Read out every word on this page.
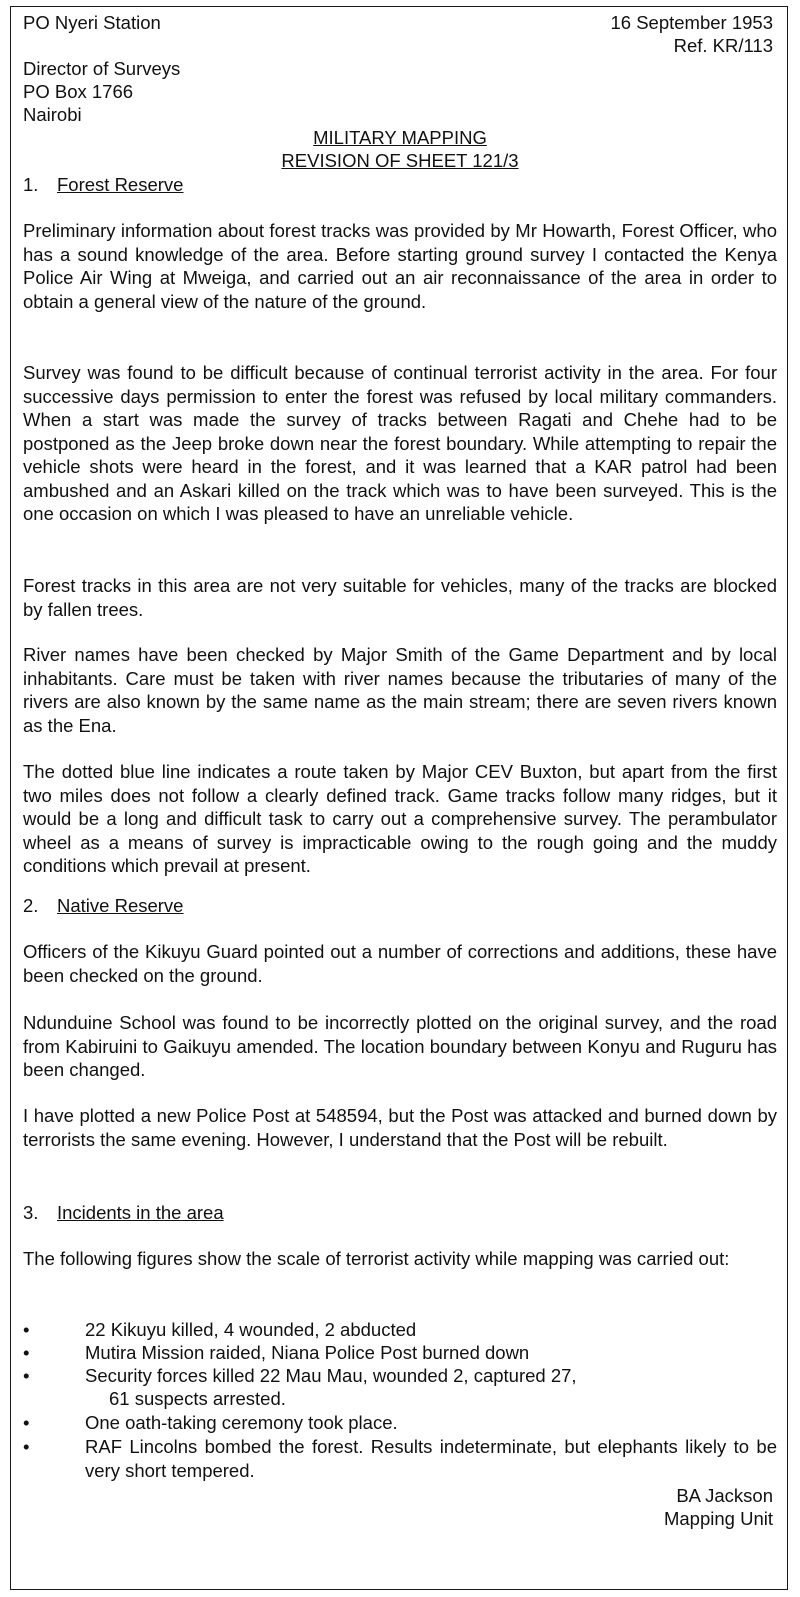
PO Nyeri Station	16 September 1953
Ref. KR/113
Director of Surveys
PO Box 1766
Nairobi
MILITARY MAPPING
REVISION OF SHEET 121/3
1. Forest Reserve
Preliminary information about forest tracks was provided by Mr Howarth, Forest Officer, who has a sound knowledge of the area. Before starting ground survey I contacted the Kenya Police Air Wing at Mweiga, and carried out an air reconnaissance of the area in order to obtain a general view of the nature of the ground.
Survey was found to be difficult because of continual terrorist activity in the area. For four successive days permission to enter the forest was refused by local military commanders. When a start was made the survey of tracks between Ragati and Chehe had to be postponed as the Jeep broke down near the forest boundary. While attempting to repair the vehicle shots were heard in the forest, and it was learned that a KAR patrol had been ambushed and an Askari killed on the track which was to have been surveyed. This is the one occasion on which I was pleased to have an unreliable vehicle.
Forest tracks in this area are not very suitable for vehicles, many of the tracks are blocked by fallen trees.
River names have been checked by Major Smith of the Game Department and by local inhabitants. Care must be taken with river names because the tributaries of many of the rivers are also known by the same name as the main stream; there are seven rivers known as the Ena.
The dotted blue line indicates a route taken by Major CEV Buxton, but apart from the first two miles does not follow a clearly defined track. Game tracks follow many ridges, but it would be a long and difficult task to carry out a comprehensive survey. The perambulator wheel as a means of survey is impracticable owing to the rough going and the muddy conditions which prevail at present.
2. Native Reserve
Officers of the Kikuyu Guard pointed out a number of corrections and additions, these have been checked on the ground.
Ndunduine School was found to be incorrectly plotted on the original survey, and the road from Kabiruini to Gaikuyu amended. The location boundary between Konyu and Ruguru has been changed.
I have plotted a new Police Post at 548594, but the Post was attacked and burned down by terrorists the same evening. However, I understand that the Post will be rebuilt.
3. Incidents in the area
The following figures show the scale of terrorist activity while mapping was carried out:
•	22 Kikuyu killed, 4 wounded, 2 abducted
•	Mutira Mission raided, Niana Police Post burned down
•	Security forces killed 22 Mau Mau, wounded 2, captured 27,
61 suspects arrested.
•	One oath-taking ceremony took place.
•	RAF Lincolns bombed the forest. Results indeterminate, but elephants likely to be very short tempered.
BA Jackson
Mapping Unit
